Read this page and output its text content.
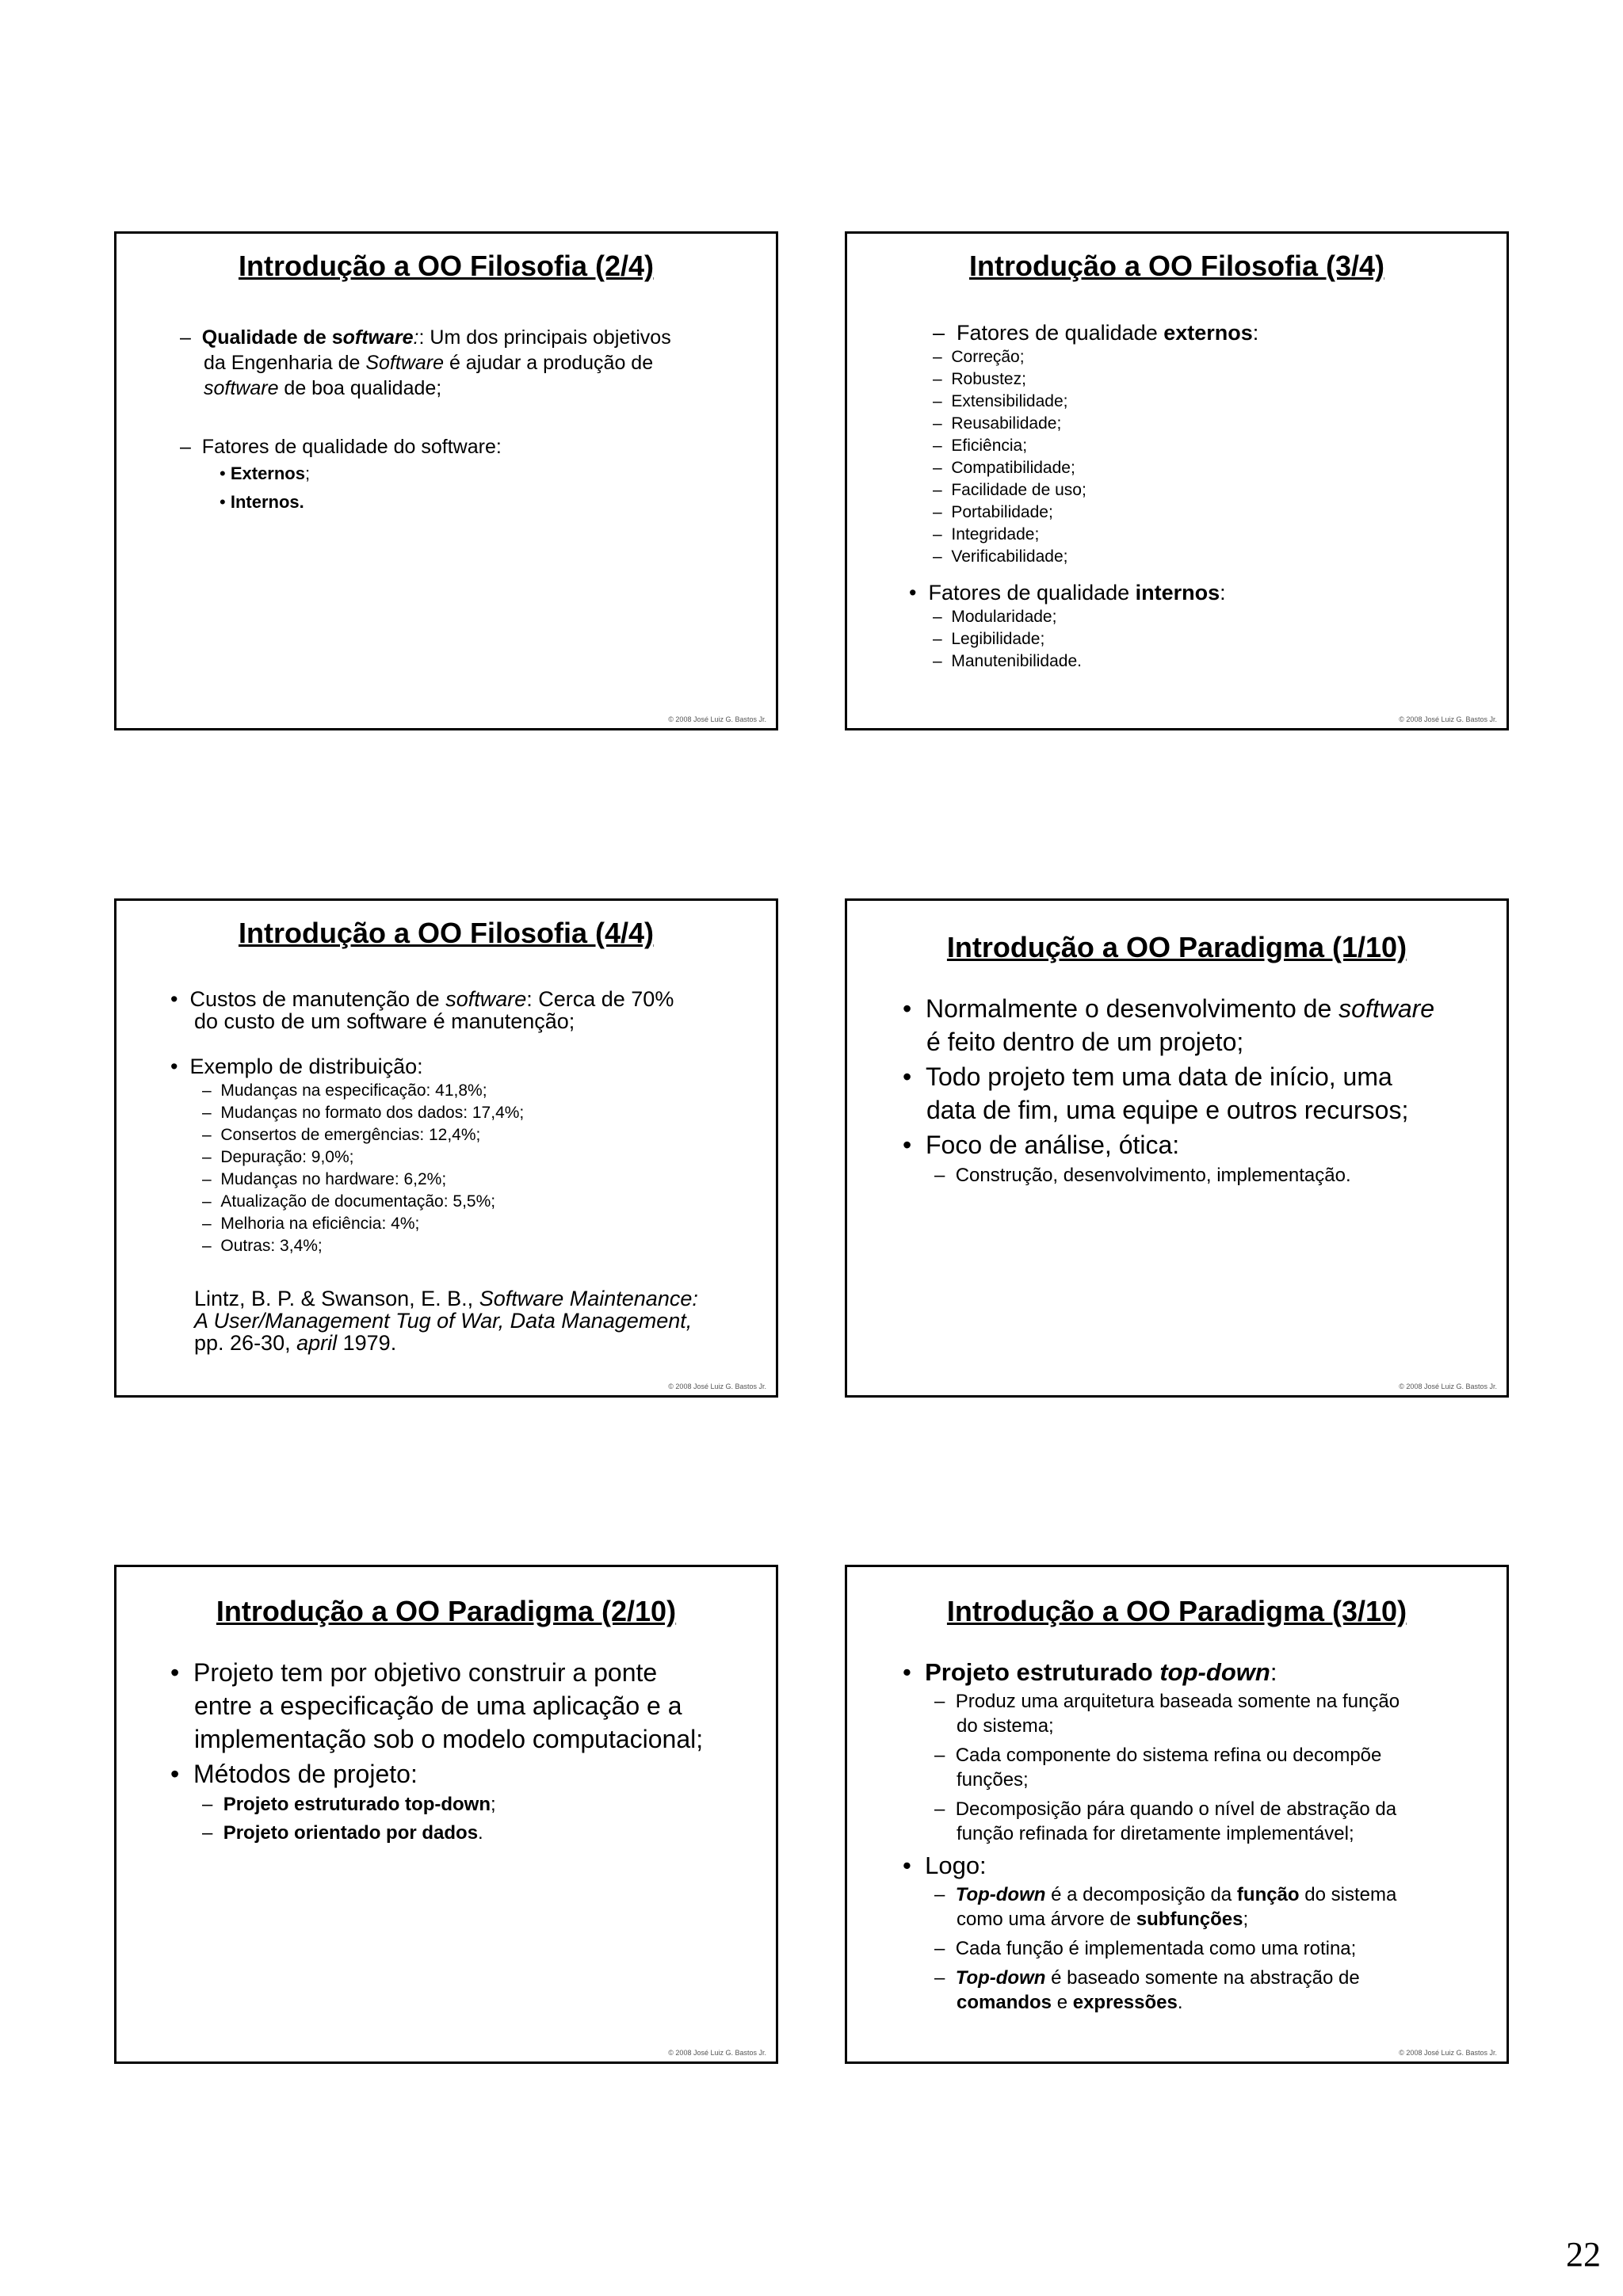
Introdução a OO Filosofia (2/4)
–  Qualidade de software:: Um dos principais objetivos
da Engenharia de Software é ajudar a produção de
software de boa qualidade;
–  Fatores de qualidade do software:
• Externos;
• Internos.
© 2008 José Luiz G. Bastos Jr.
Introdução a OO Filosofia (3/4)
–  Fatores de qualidade externos:
–  Correção;
–  Robustez;
–  Extensibilidade;
–  Reusabilidade;
–  Eficiência;
–  Compatibilidade;
–  Facilidade de uso;
–  Portabilidade;
–  Integridade;
–  Verificabilidade;
•  Fatores de qualidade internos:
–  Modularidade;
–  Legibilidade;
–  Manutenibilidade.
© 2008 José Luiz G. Bastos Jr.
Introdução a OO Filosofia (4/4)
•  Custos de manutenção de software: Cerca de 70%
do custo de um software é manutenção;
•  Exemplo de distribuição:
–  Mudanças na especificação: 41,8%;
–  Mudanças no formato dos dados: 17,4%;
–  Consertos de emergências: 12,4%;
–  Depuração: 9,0%;
–  Mudanças no hardware: 6,2%;
–  Atualização de documentação: 5,5%;
–  Melhoria na eficiência: 4%;
–  Outras: 3,4%;
Lintz, B. P. & Swanson, E. B., Software Maintenance:
A User/Management Tug of War, Data Management,
pp. 26-30, april 1979.
© 2008 José Luiz G. Bastos Jr.
Introdução a OO Paradigma (1/10)
•  Normalmente o desenvolvimento de software
é feito dentro de um projeto;
•  Todo projeto tem uma data de início, uma
data de fim, uma equipe e outros recursos;
•  Foco de análise, ótica:
–  Construção, desenvolvimento, implementação.
© 2008 José Luiz G. Bastos Jr.
Introdução a OO Paradigma (2/10)
•  Projeto tem por objetivo construir a ponte
entre a especificação de uma aplicação e a
implementação sob o modelo computacional;
•  Métodos de projeto:
–  Projeto estruturado top-down;
–  Projeto orientado por dados.
© 2008 José Luiz G. Bastos Jr.
Introdução a OO Paradigma (3/10)
•  Projeto estruturado top-down:
–  Produz uma arquitetura baseada somente na função
do sistema;
–  Cada componente do sistema refina ou decompõe
funções;
–  Decomposição pára quando o nível de abstração da
função refinada for diretamente implementável;
•  Logo:
–  Top-down é a decomposição da função do sistema
como uma árvore de subfunções;
–  Cada função é implementada como uma rotina;
–  Top-down é baseado somente na abstração de
comandos e expressões.
© 2008 José Luiz G. Bastos Jr.
22
